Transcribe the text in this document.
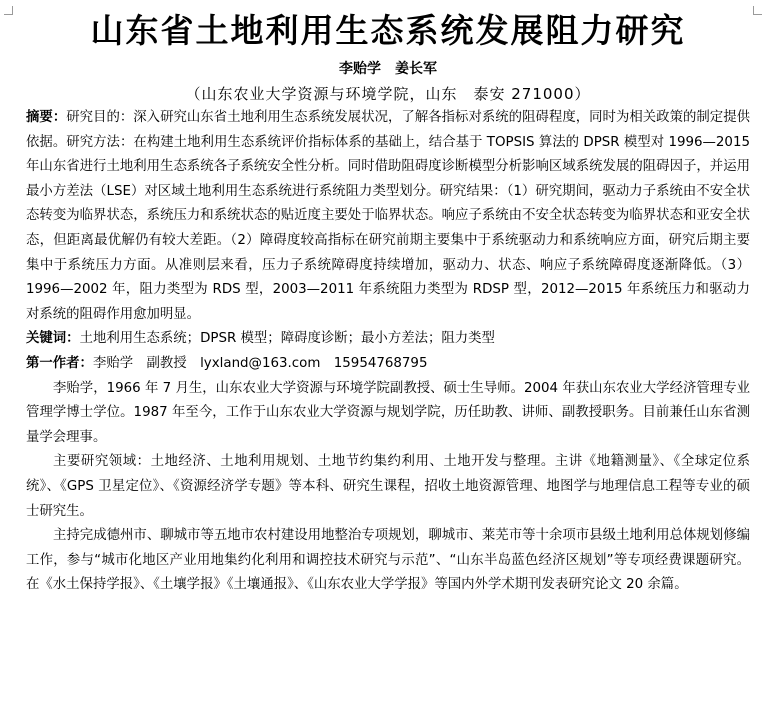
山东省土地利用生态系统发展阻力研究
李贻学 姜长军
（山东农业大学资源与环境学院，山东　泰安 271000）

摘要：研究目的：深入研究山东省土地利用生态系统发展状况，了解各指标对系统的阻碍程度，同时为相关政策的制定提供依据。研究方法：在构建土地利用生态系统评价指标体系的基础上，结合基于 TOPSIS 算法的 DPSR 模型对 1996—2015 年山东省进行土地利用生态系统各子系统安全性分析。同时借助阻碍度诊断模型分析影响区域系统发展的阻碍因子，并运用最小方差法（LSE）对区域土地利用生态系统进行系统阻力类型划分。研究结果：（1）研究期间，驱动力子系统由不安全状态转变为临界状态，系统压力和系统状态的贴近度主要处于临界状态。响应子系统由不安全状态转变为临界状态和亚安全状态，但距离最优解仍有较大差距。（2）障碍度较高指标在研究前期主要集中于系统驱动力和系统响应方面，研究后期主要集中于系统压力方面。从准则层来看，压力子系统障碍度持续增加，驱动力、状态、响应子系统障碍度逐渐降低。（3）1996—2002 年，阻力类型为 RDS 型，2003—2011 年系统阻力类型为 RDSP 型，2012—2015 年系统压力和驱动力对系统的阻碍作用愈加明显。

关键词：土地利用生态系统；DPSR 模型；障碍度诊断；最小方差法；阻力类型

第一作者：李贻学　副教授　lyxland@163.com　15954768795

李贻学，1966 年 7 月生，山东农业大学资源与环境学院副教授、硕士生导师。2004 年获山东农业大学经济管理专业管理学博士学位。1987 年至今，工作于山东农业大学资源与规划学院，历任助教、讲师、副教授职务。目前兼任山东省测量学会理事。

主要研究领域：土地经济、土地利用规划、土地节约集约利用、土地开发与整理。主讲《地籍测量》、《全球定位系统》、《GPS 卫星定位》、《资源经济学专题》等本科、研究生课程，招收土地资源管理、地图学与地理信息工程等专业的硕士研究生。

主持完成德州市、聊城市等五地市农村建设用地整治专项规划，聊城市、莱芜市等十余项市县级土地利用总体规划修编工作，参与“城市化地区产业用地集约化利用和调控技术研究与示范”、“山东半岛蓝色经济区规划”等专项经费课题研究。在《水土保持学报》、《土壤学报》《土壤通报》、《山东农业大学学报》等国内外学术期刊发表研究论文 20 余篇。
